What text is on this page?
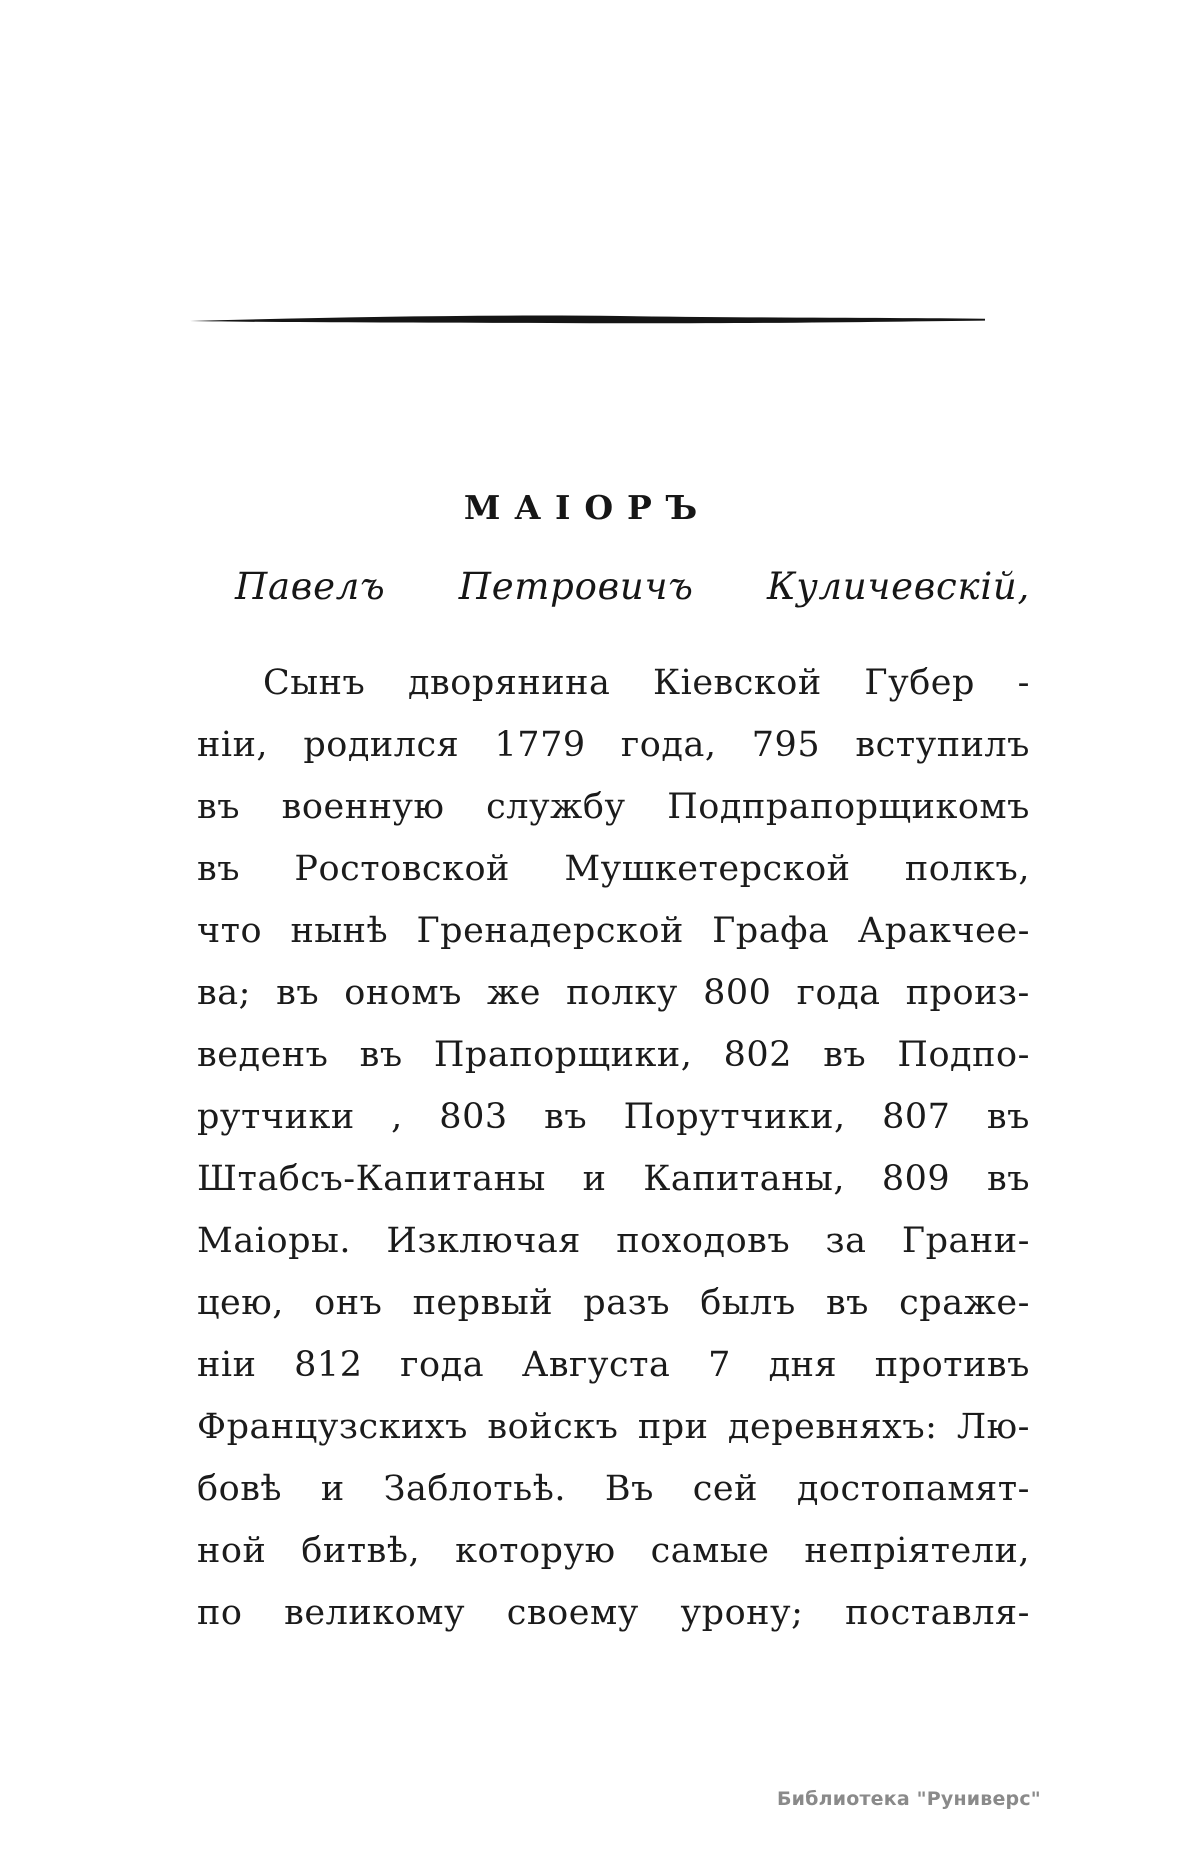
МАІОРЪ
Павелъ Петровичъ Куличевскій,
Сынъ дворянина Кіевской Губер -
ніи, родился 1779 года, 795 вступилъ
въ военную службу Подпрапорщикомъ
въ Ростовской Мушкетерской полкъ,
что нынѣ Гренадерской Графа Аракчее-
ва; въ ономъ же полку 800 года произ-
веденъ въ Прапорщики, 802 въ Подпо-
рутчики , 803 въ Порутчики, 807 въ
Штабсъ-Капитаны и Капитаны, 809 въ
Маіоры. Изключая походовъ за Грани-
цею, онъ первый разъ былъ въ сраже-
ніи 812 года Августа 7 дня противъ
Французскихъ войскъ при деревняхъ: Лю-
бовѣ и Заблотьѣ. Въ сей достопамят-
ной битвѣ, которую самые непріятели,
по великому своему урону; поставля-
Библиотека "Руниверс"
